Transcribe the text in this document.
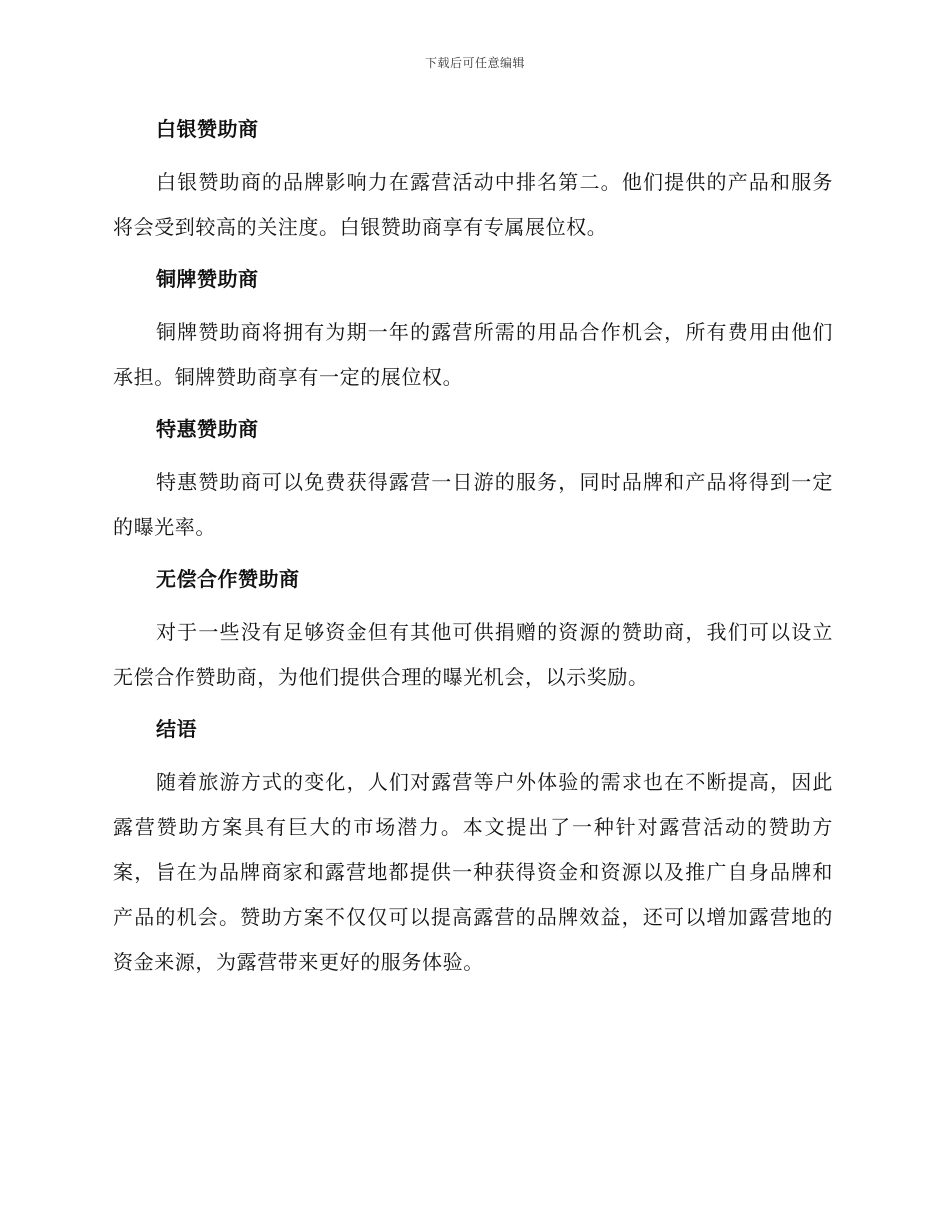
下载后可任意编辑
白银赞助商

白银赞助商的品牌影响力在露营活动中排名第二。他们提供的产品和服务将会受到较高的关注度。白银赞助商享有专属展位权。

铜牌赞助商

铜牌赞助商将拥有为期一年的露营所需的用品合作机会，所有费用由他们承担。铜牌赞助商享有一定的展位权。

特惠赞助商

特惠赞助商可以免费获得露营一日游的服务，同时品牌和产品将得到一定的曝光率。

无偿合作赞助商

对于一些没有足够资金但有其他可供捐赠的资源的赞助商，我们可以设立无偿合作赞助商，为他们提供合理的曝光机会，以示奖励。

结语

随着旅游方式的变化，人们对露营等户外体验的需求也在不断提高，因此露营赞助方案具有巨大的市场潜力。本文提出了一种针对露营活动的赞助方案，旨在为品牌商家和露营地都提供一种获得资金和资源以及推广自身品牌和产品的机会。赞助方案不仅仅可以提高露营的品牌效益，还可以增加露营地的资金来源，为露营带来更好的服务体验。
